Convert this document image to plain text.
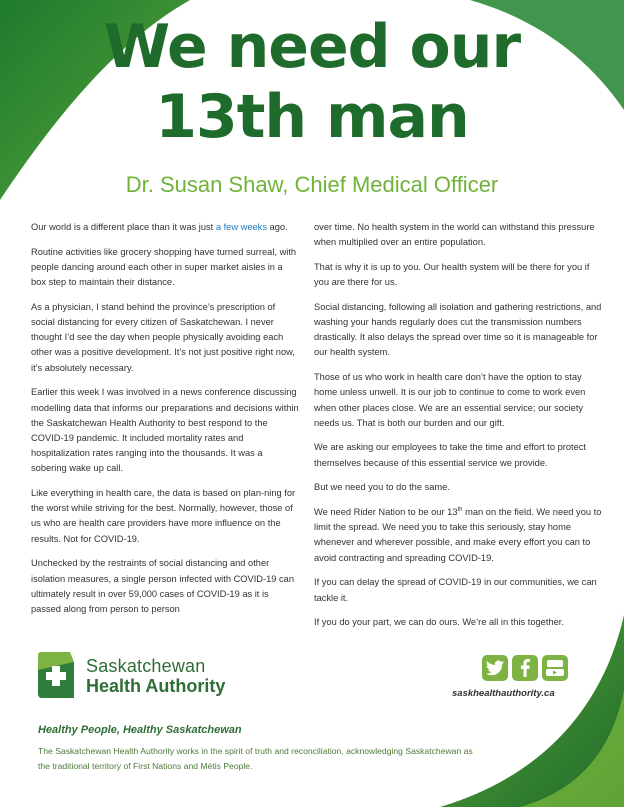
We need our
13th man
Dr. Susan Shaw, Chief Medical Officer

Our world is a different place than it was just a few weeks ago.

Routine activities like grocery shopping have turned surreal, with people dancing around each other in super market aisles in a box step to maintain their distance.

As a physician, I stand behind the province’s prescription of social distancing for every citizen of Saskatchewan. I never thought I’d see the day when people physically avoiding each other was a positive development. It’s not just positive right now, it’s absolutely necessary.

Earlier this week I was involved in a news conference discussing modelling data that informs our preparations and decisions within the Saskatchewan Health Authority to best respond to the COVID-19 pandemic. It included mortality rates and hospitalization rates ranging into the thousands. It was a sobering wake up call.

Like everything in health care, the data is based on plan-ning for the worst while striving for the best. Normally, however, those of us who are health care providers have more influence on the results. Not for COVID-19.

Unchecked by the restraints of social distancing and other isolation measures, a single person infected with COVID-19 can ultimately result in over 59,000 cases of COVID-19 as it is passed along from person to person

over time. No health system in the world can withstand this pressure when multiplied over an entire population.

That is why it is up to you. Our health system will be there for you if you are there for us.

Social distancing, following all isolation and gathering restrictions, and washing your hands regularly does cut the transmission numbers drastically. It also delays the spread over time so it is manageable for our health system.

Those of us who work in health care don’t have the option to stay home unless unwell. It is our job to continue to come to work even when other places close. We are an essential service; our society needs us. That is both our burden and our gift.

We are asking our employees to take the time and effort to protect themselves because of this essential service we provide.

But we need you to do the same.

We need Rider Nation to be our 13th man on the field. We need you to limit the spread. We need you to take this seriously, stay home whenever and wherever possible, and make every effort you can to avoid contracting and spreading COVID-19.

If you can delay the spread of COVID-19 in our communities, we can tackle it.

If you do your part, we can do ours. We’re all in this together.

Saskatchewan
Health Authority	saskhealthauthority.ca
Healthy People, Healthy Saskatchewan
The Saskatchewan Health Authority works in the spirit of truth and reconciliation, acknowledging Saskatchewan as the traditional territory of First Nations and Métis People.
